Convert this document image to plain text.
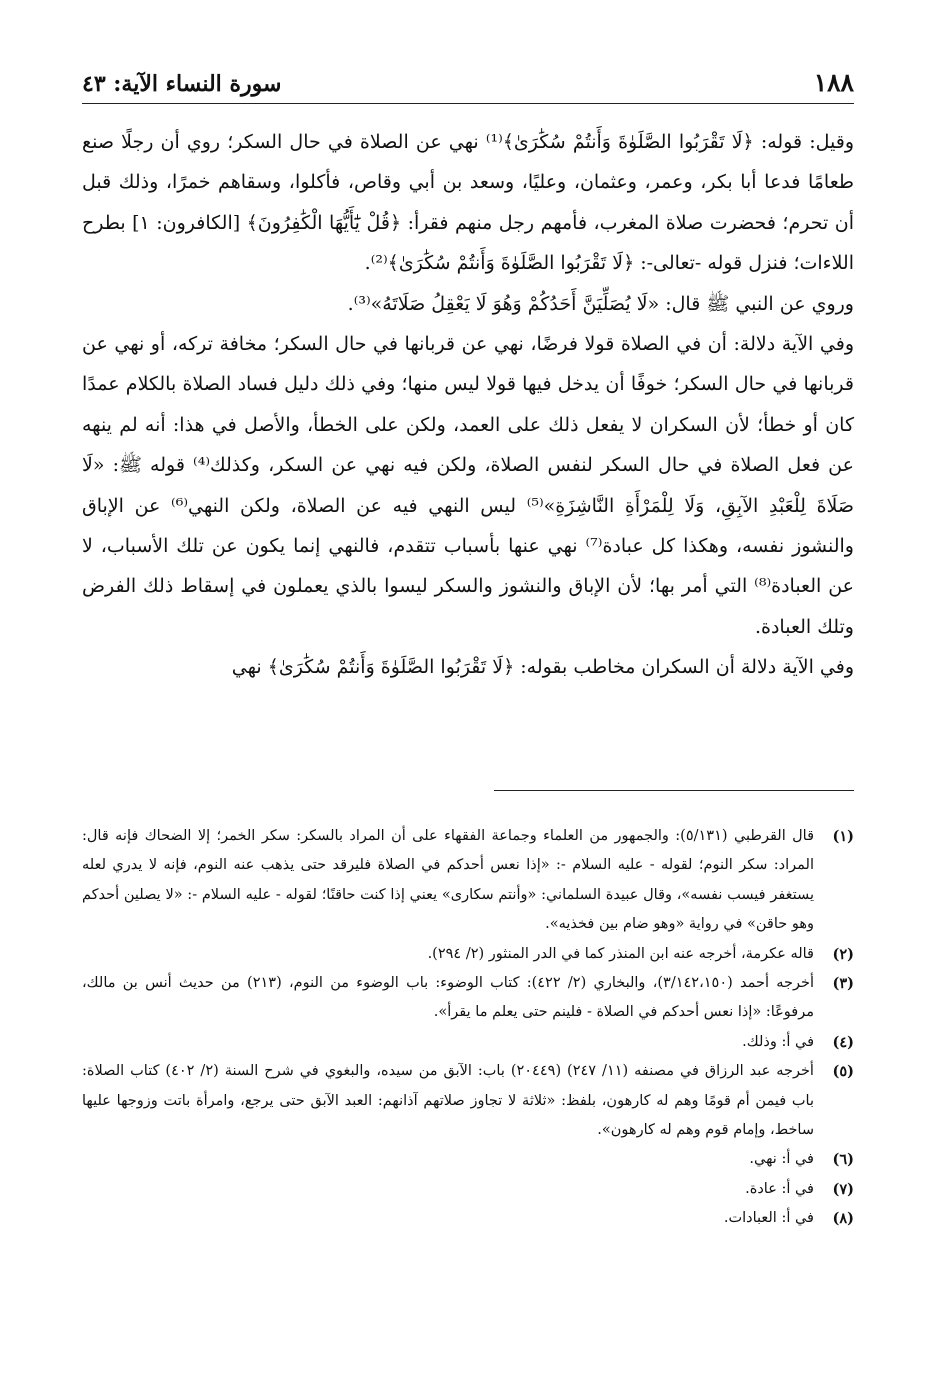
١٨٨
سورة النساء الآية: ٤٣

وقيل: قوله: ﴿لَا تَقْرَبُوا الصَّلَوٰةَ وَأَنتُمْ سُكَٰرَىٰ﴾⁽¹⁾ نهي عن الصلاة في حال السكر؛ روي أن رجلًا صنع طعامًا فدعا أبا بكر، وعمر، وعثمان، وعليًا، وسعد بن أبي وقاص، فأكلوا، وسقاهم خمرًا، وذلك قبل أن تحرم؛ فحضرت صلاة المغرب، فأمهم رجل منهم فقرأ: ﴿قُلْ يَٰٓأَيُّهَا الْكَٰفِرُونَ﴾ [الكافرون: ١] بطرح اللاءات؛ فنزل قوله -تعالى-: ﴿لَا تَقْرَبُوا الصَّلَوٰةَ وَأَنتُمْ سُكَٰرَىٰ﴾⁽²⁾.

وروي عن النبي ﷺ قال: «لَا يُصَلِّيَنَّ أَحَدُكُمْ وَهُوَ لَا يَعْقِلُ صَلَاتَهُ»⁽³⁾.

وفي الآية دلالة: أن في الصلاة قولا فرضًا، نهي عن قربانها في حال السكر؛ مخافة تركه، أو نهي عن قربانها في حال السكر؛ خوفًا أن يدخل فيها قولا ليس منها؛ وفي ذلك دليل فساد الصلاة بالكلام عمدًا كان أو خطأ؛ لأن السكران لا يفعل ذلك على العمد، ولكن على الخطأ، والأصل في هذا: أنه لم ينهه عن فعل الصلاة في حال السكر لنفس الصلاة، ولكن فيه نهي عن السكر، وكذلك⁽⁴⁾ قوله ﷺ: «لَا صَلَاةَ لِلْعَبْدِ الآبِقِ، وَلَا لِلْمَرْأَةِ النَّاشِزَةِ»⁽⁵⁾ ليس النهي فيه عن الصلاة، ولكن النهي⁽⁶⁾ عن الإباق والنشوز نفسه، وهكذا كل عبادة⁽⁷⁾ نهي عنها بأسباب تتقدم، فالنهي إنما يكون عن تلك الأسباب، لا عن العبادة⁽⁸⁾ التي أمر بها؛ لأن الإباق والنشوز والسكر ليسوا بالذي يعملون في إسقاط ذلك الفرض وتلك العبادة.

وفي الآية دلالة أن السكران مخاطب بقوله: ﴿لَا تَقْرَبُوا الصَّلَوٰةَ وَأَنتُمْ سُكَٰرَىٰ﴾ نهي

(١)
قال القرطبي (٥/١٣١): والجمهور من العلماء وجماعة الفقهاء على أن المراد بالسكر: سكر الخمر؛ إلا الضحاك فإنه قال: المراد: سكر النوم؛ لقوله - عليه السلام -: «إذا نعس أحدكم في الصلاة فليرقد حتى يذهب عنه النوم، فإنه لا يدري لعله يستغفر فيسب نفسه»، وقال عبيدة السلماني: «وأنتم سكارى» يعني إذا كنت حاقنًا؛ لقوله - عليه السلام -: «لا يصلين أحدكم وهو حاقن» في رواية «وهو ضام بين فخذيه».
(٢)
قاله عكرمة، أخرجه عنه ابن المنذر كما في الدر المنثور (٢/ ٢٩٤).
(٣)
أخرجه أحمد (٣/١٤٢،١٥٠)، والبخاري (٢/ ٤٢٢): كتاب الوضوء: باب الوضوء من النوم، (٢١٣) من حديث أنس بن مالك، مرفوعًا: «إذا نعس أحدكم في الصلاة - فلينم حتى يعلم ما يقرأ».
(٤)
في أ: وذلك.
(٥)
أخرجه عبد الرزاق في مصنفه (١١/ ٢٤٧) (٢٠٤٤٩) باب: الآبق من سيده، والبغوي في شرح السنة (٢/ ٤٠٢) كتاب الصلاة: باب فيمن أم قومًا وهم له كارهون، بلفظ: «ثلاثة لا تجاوز صلاتهم آذانهم: العبد الآبق حتى يرجع، وامرأة باتت وزوجها عليها ساخط، وإمام قوم وهم له كارهون».
(٦)
في أ: نهي.
(٧)
في أ: عادة.
(٨)
في أ: العبادات.
